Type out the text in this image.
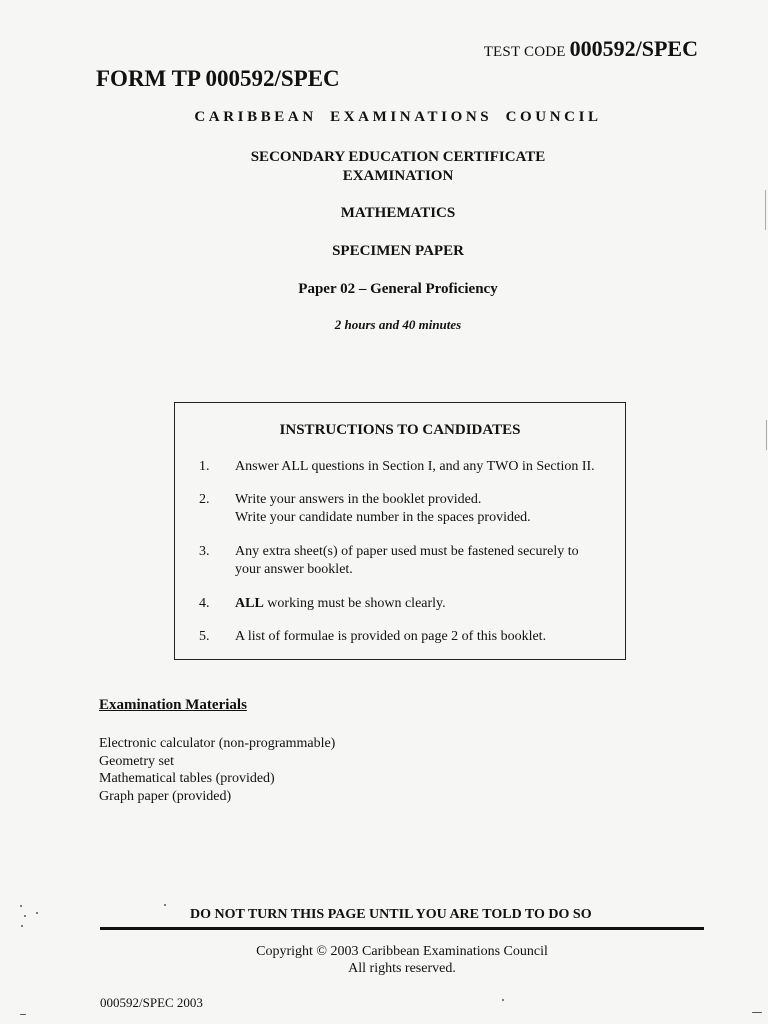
TEST CODE 000592/SPEC
FORM TP 000592/SPEC
CARIBBEAN EXAMINATIONS COUNCIL
SECONDARY EDUCATION CERTIFICATE
EXAMINATION
MATHEMATICS
SPECIMEN PAPER
Paper 02 – General Proficiency
2 hours and 40 minutes
INSTRUCTIONS TO CANDIDATES
1.	Answer ALL questions in Section I, and any TWO in Section II.
2.	Write your answers in the booklet provided.
Write your candidate number in the spaces provided.
3.	Any extra sheet(s) of paper used must be fastened securely to
your answer booklet.
4.	ALL working must be shown clearly.
5.	A list of formulae is provided on page 2 of this booklet.
Examination Materials
Electronic calculator (non-programmable)
Geometry set
Mathematical tables (provided)
Graph paper (provided)
DO NOT TURN THIS PAGE UNTIL YOU ARE TOLD TO DO SO
Copyright © 2003 Caribbean Examinations Council
All rights reserved.
000592/SPEC 2003
